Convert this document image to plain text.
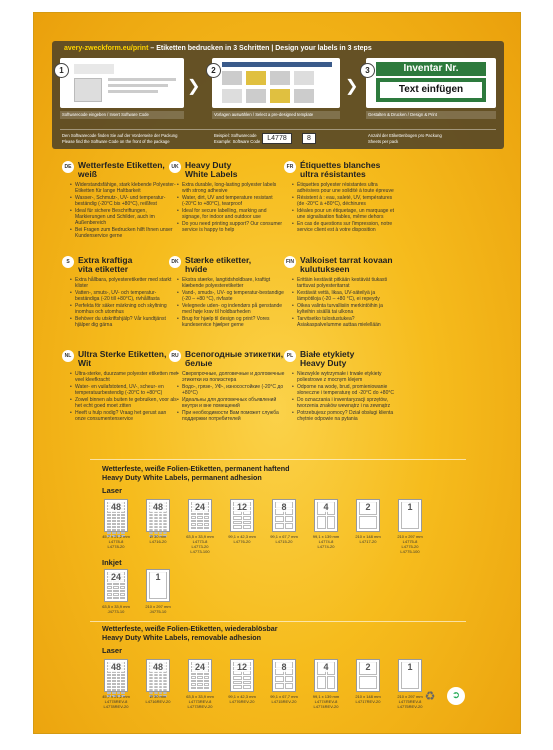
avery-zweckform.eu/print – Etiketten bedrucken in 3 Schritten | Design your labels in 3 steps
Inventar Nr.
Text einfügen
1	2	3
❯	❯
Softwarecode eingeben / Insert Software Code	Vorlagen auswählen / Select a pre-designed template	Gestalten & Drucken / Design & Print
Den Softwarecode finden Sie auf der Vorderseite der Packung
Please find the Software Code on the front of the package
Beispiel: Softwarecode
Example: Software Code L4778	8	Anzahl der Etikettenbogen pro Packung
Sheets per pack
DE Wetterfeste Etiketten,
weiß
• Widerstandsfähige, stark klebende Polyester-Etiketten für lange Haltbarkeit
• Wasser-, Schmutz-, UV- und temperatur-beständig (-20°C bis +80°C), reißfest
• Ideal für sichere Beschriftungen, Markierungen und Schilder, auch im Außenbereich
• Bei Fragen zum Bedrucken hilft Ihnen unser Kundenservice gerne
UK Heavy Duty
White Labels
• Extra durable, long-lasting polyester labels with strong adhesive
• Water, dirt, UV and temperature resistant (-20°C to +80°C), tearproof
• Ideal for secure labelling, marking and signage, for indoor and outdoor use
• Do you need printing support? Our consumer service is happy to help
FR Étiquettes blanches
ultra résistantes
• Étiquettes polyester résistantes ultra adhésives pour une solidité à toute épreuve
• Résistent à : eau, saleté, UV, températures (de -20°C à +80°C), déchirures
• Idéales pour un étiquetage, un marquage et une signalisation fiables, même dehors
• En cas de questions sur l'impression, notre service client est à votre disposition
S Extra kraftiga
vita etiketter
• Extra hållbara, polyesteretiketter med starkt klister
• Vatten-, smuts-, UV- och temperatur-beständiga (-20 till +80°C), rivhållfasta
• Perfekta för säker märkning och skyltning inomhus och utomhus
• Behöver du utskriftshjälp? Vår kundtjänst hjälper dig gärna
DK Stærke etiketter,
hvide
• Ekstra stærke, langtidsholdbare, kraftigt klæbende polyesteretiketter
• Vand-, smuds-, UV- og temperatur-bestandige (-20 – +80 °C), rivfaste
• Velegnede uden- og indendørs på genstande med høje krav til holdbarheden
• Brug for hjælp til design og print? Vores kundeservice hjælper gerne
FIN Valkoiset tarrat kovaan
kulutukseen
• Erittäin kestävät pitkään kestävät tiukasti tarttuvat polyesteritarrat
• Kestävät vettä, likaa, UV-säteilyä ja lämpötiloja (-20 – +80 °C), ei repeydy
• Oikea valinta turvallisiin merkintöihin ja kylteihin sisällä tai ulkona
• Tarvitsetko tulostustukea? Asiakaspalvelumme auttaa mielellään
NL Ultra Sterke Etiketten,
Wit
• Ultra-sterke, duurzame polyester etiketten met veel kleefkracht
• Water- en vuilafstotend, UV-, scheur- en temperatuurbestendig (-20°C to +80°C)
• Zowel binnen als buiten te gebruiken, voor als het echt goed moet zitten
• Heeft u hulp nodig? Vraag het gerust aan onze consumentenservice
RU Всепогодные этикетки,
белые
• Сверхпрочные, долговечные и долговечные этикетки из полиэстера
• Водо-, грязе-, УФ-, износостойкие (-20°C до +80°C)
• Идеальны для долговечных объявлений внутри и вне помещений
• При необходимости Вам поможет служба поддержки потребителей
PL Białe etykiety
Heavy Duty
• Niezwykle wytrzymałe i trwałe etykiety poliestrowe z mocnym klejem
• Odporne na wodę, brud, promieniowanie słoneczne i temperaturę od -20°C do +80°C
• Do oznaczania i inwentaryzacji sprzętów, tworzenia znaków wewnątrz i na zewnątrz
• Potrzebujesz pomocy? Dział obsługi klienta chętnie odpowie na pytania
Wetterfeste, weiße Folien-Etiketten, permanent haftend
Heavy Duty White Labels, permanent adhesion
Laser
48
45,7 x 21,2 mm
L4778-8
L4778-20
48
Ø 30 mm
L4716-20
24
63,5 x 33,9 mm
L4773-8
L4773-20
L4773-100
12
99,1 x 42,3 mm
L4776-20
8
99,1 x 67,7 mm
L4715-20
4
99,1 x 139 mm
L4774-8
L4774-20
2
210 x 148 mm
L4717-20
1
210 x 297 mm
L4775-8
L4775-20
L4775-100
Inkjet
24
63,5 x 33,9 mm
J4773-10
1
210 x 297 mm
J4775-10
Wetterfeste, weiße Folien-Etiketten, wiederablösbar
Heavy Duty White Labels, removable adhesion
Laser
48
45,7 x 21,2 mm
L4778REV-8
L4778REV-20
48
Ø 30 mm
L4716REV-20
24
63,5 x 33,9 mm
L4773REV-8
L4773REV-20
12
99,1 x 42,3 mm
L4776REV-20
8
99,1 x 67,7 mm
L4715REV-20
4
99,1 x 139 mm
L4774REV-8
L4774REV-20
2
210 x 148 mm
L4717REV-20
1
210 x 297 mm
L4775REV-8
L4775REV-20
♻	➲
